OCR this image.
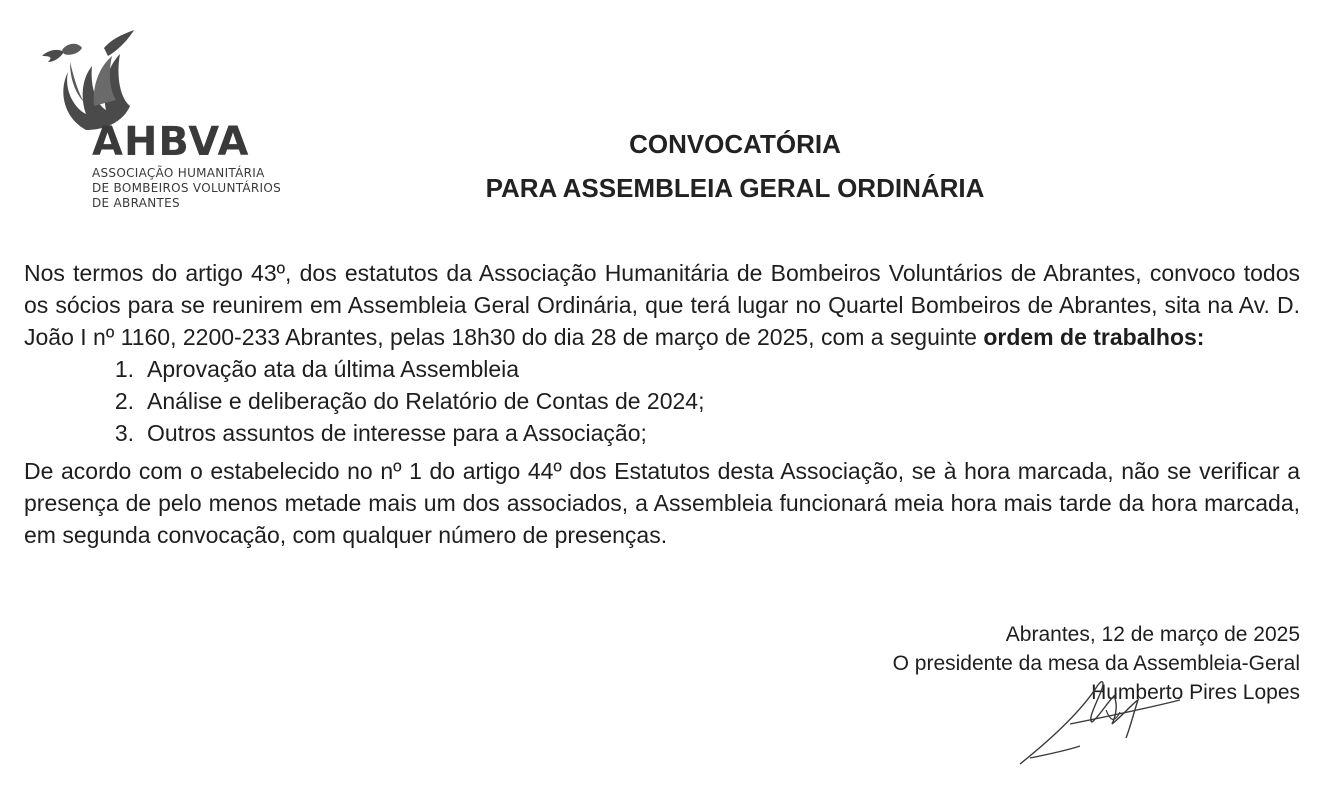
AHBVA
ASSOCIAÇÃO HUMANITÁRIA
DE BOMBEIROS VOLUNTÁRIOS
DE ABRANTES
CONVOCATÓRIA
PARA ASSEMBLEIA GERAL ORDINÁRIA

Nos termos do artigo 43º, dos estatutos da Associação Humanitária de Bombeiros Voluntários de Abrantes, convoco todos os sócios para se reunirem em Assembleia Geral Ordinária, que terá lugar no Quartel Bombeiros de Abrantes, sita na Av. D. João I nº 1160, 2200-233 Abrantes, pelas 18h30 do dia 28 de março de 2025, com a seguinte ordem de trabalhos:

1. Aprovação ata da última Assembleia
2. Análise e deliberação do Relatório de Contas de 2024;
3. Outros assuntos de interesse para a Associação;

De acordo com o estabelecido no nº 1 do artigo 44º dos Estatutos desta Associação, se à hora marcada, não se verificar a presença de pelo menos metade mais um dos associados, a Assembleia funcionará meia hora mais tarde da hora marcada, em segunda convocação, com qualquer número de presenças.

Abrantes, 12 de março de 2025
O presidente da mesa da Assembleia-Geral
Humberto Pires Lopes
